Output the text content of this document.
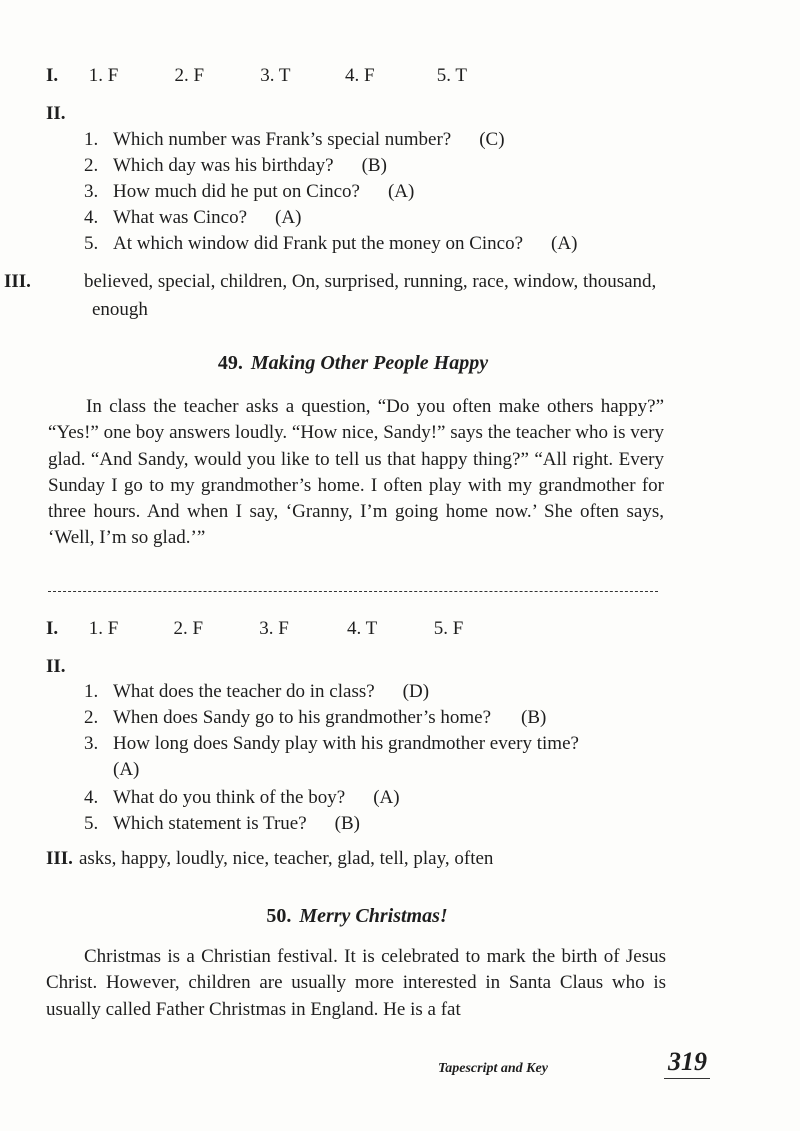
I. 1. F	2. F	3. T	4. F	5. T
II.
1. Which number was Frank’s special number? (C)
2. Which day was his birthday? (B)
3. How much did he put on Cinco? (A)
4. What was Cinco? (A)
5. At which window did Frank put the money on Cinco? (A)
III.	believed, special, children, On, surprised, running, race, window, thousand, enough
49. Making Other People Happy
In class the teacher asks a question, “Do you often make others happy?” “Yes!” one boy answers loudly. “How nice, Sandy!” says the teacher who is very glad. “And Sandy, would you like to tell us that happy thing?” “All right. Every Sunday I go to my grandmother’s home. I often play with my grandmother for three hours. And when I say, ‘Granny, I’m going home now.’ She often says, ‘Well, I’m so glad.’”
I. 1. F	2. F	3. F	4. T	5. F
II.
1. What does the teacher do in class? (D)
2. When does Sandy go to his grandmother’s home? (B)
3. How long does Sandy play with his grandmother every time?
(A)
4. What do you think of the boy? (A)
5. Which statement is True? (B)
III. asks, happy, loudly, nice, teacher, glad, tell, play, often
50. Merry Christmas!
Christmas is a Christian festival. It is celebrated to mark the birth of Jesus Christ. However, children are usually more interested in Santa Claus who is usually called Father Christmas in England. He is a fat
Tapescript and Key	319
